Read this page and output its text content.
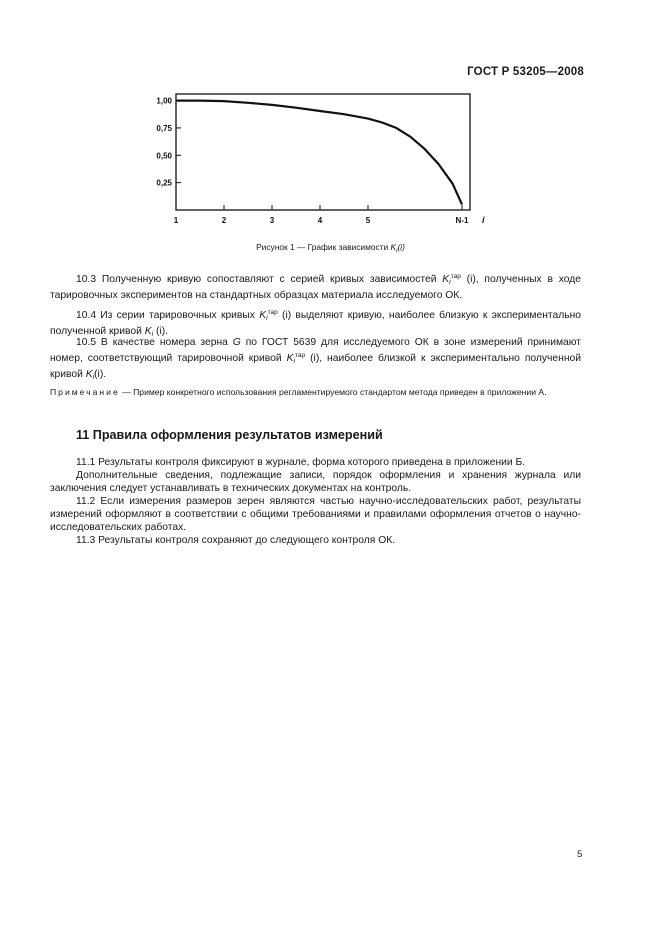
ГОСТ Р 53205—2008
1,00
0,75
0,50
0,25
1	2	3	4	5	N-1 i
Рисунок 1 — График зависимости $K_i(i)$
10.3 Полученную кривую сопоставляют с серией кривых зависимостей $K_i^{тар}$ (i), полученных в ходе тарировочных экспериментов на стандартных образцах материала исследуемого ОК.
10.4 Из серии тарировочных кривых $K_i^{тар}$ (i) выделяют кривую, наиболее близкую к экспериментально полученной кривой $K_i$ (i).
10.5 В качестве номера зерна G по ГОСТ 5639 для исследуемого ОК в зоне измерений принимают номер, соответствующий тарировочной кривой $K_i^{тар}$ (i), наиболее близкой к экспериментально полученной кривой $K_i(i)$.
Примечание — Пример конкретного использования регламентируемого стандартом метода приведен в приложении А.
11 Правила оформления результатов измерений
11.1 Результаты контроля фиксируют в журнале, форма которого приведена в приложении Б.
Дополнительные сведения, подлежащие записи, порядок оформления и хранения журнала или заключения следует устанавливать в технических документах на контроль.
11.2 Если измерения размеров зерен являются частью научно-исследовательских работ, результаты измерений оформляют в соответствии с общими требованиями и правилами оформления отчетов о научно-исследовательских работах.
11.3 Результаты контроля сохраняют до следующего контроля ОК.
5
